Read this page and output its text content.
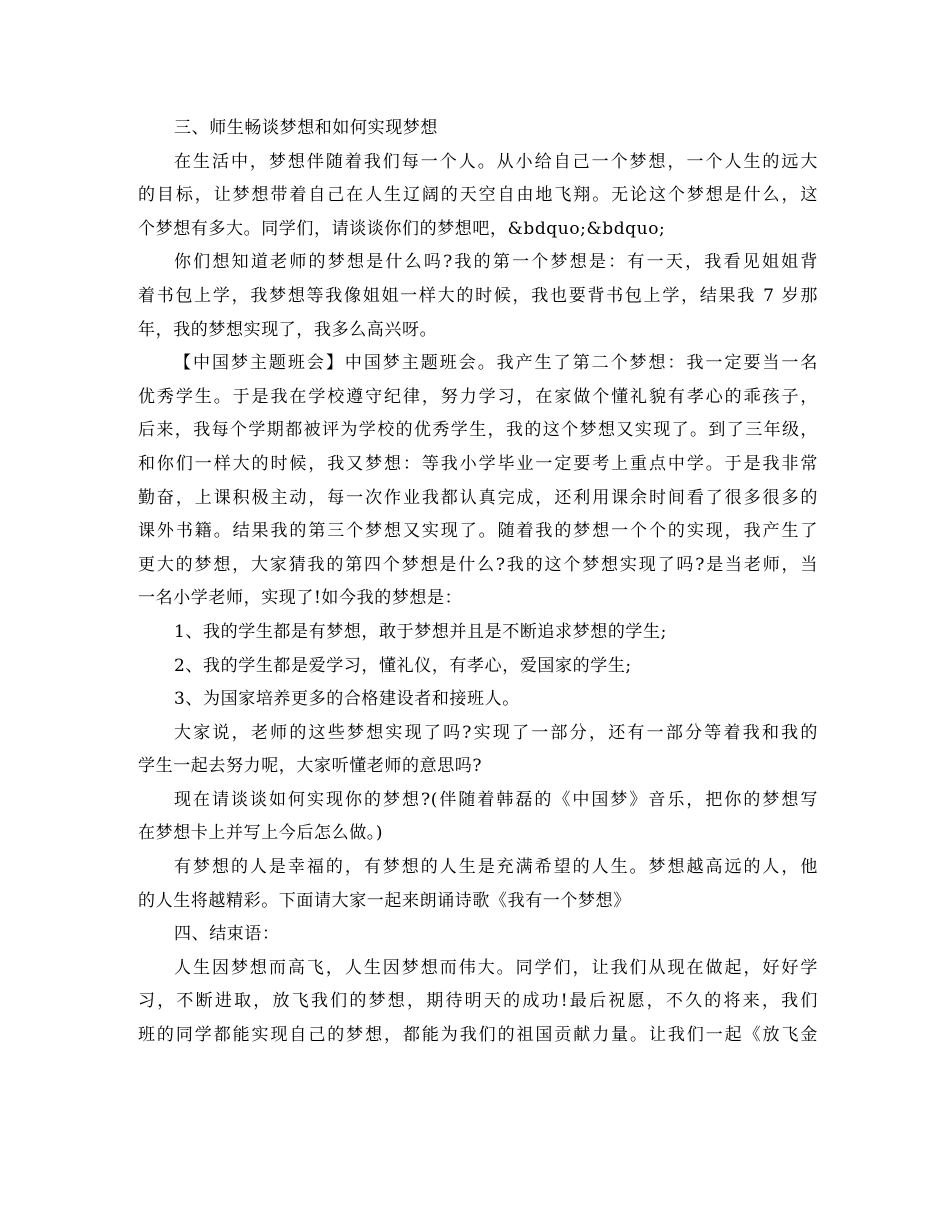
三、师生畅谈梦想和如何实现梦想
在生活中，梦想伴随着我们每一个人。从小给自己一个梦想，一个人生的远大
的目标，让梦想带着自己在人生辽阔的天空自由地飞翔。无论这个梦想是什么，这
个梦想有多大。同学们，请谈谈你们的梦想吧，&bdquo;&bdquo;
你们想知道老师的梦想是什么吗?我的第一个梦想是：有一天，我看见姐姐背
着书包上学，我梦想等我像姐姐一样大的时候，我也要背书包上学，结果我 7 岁那
年，我的梦想实现了，我多么高兴呀。
【中国梦主题班会】中国梦主题班会。我产生了第二个梦想：我一定要当一名
优秀学生。于是我在学校遵守纪律，努力学习，在家做个懂礼貌有孝心的乖孩子，
后来，我每个学期都被评为学校的优秀学生，我的这个梦想又实现了。到了三年级，
和你们一样大的时候，我又梦想：等我小学毕业一定要考上重点中学。于是我非常
勤奋，上课积极主动，每一次作业我都认真完成，还利用课余时间看了很多很多的
课外书籍。结果我的第三个梦想又实现了。随着我的梦想一个个的实现，我产生了
更大的梦想，大家猜我的第四个梦想是什么?我的这个梦想实现了吗?是当老师，当
一名小学老师，实现了!如今我的梦想是：
1、我的学生都是有梦想，敢于梦想并且是不断追求梦想的学生;
2、我的学生都是爱学习，懂礼仪，有孝心，爱国家的学生;
3、为国家培养更多的合格建设者和接班人。
大家说，老师的这些梦想实现了吗?实现了一部分，还有一部分等着我和我的
学生一起去努力呢，大家听懂老师的意思吗?
现在请谈谈如何实现你的梦想?(伴随着韩磊的《中国梦》音乐，把你的梦想写
在梦想卡上并写上今后怎么做。)
有梦想的人是幸福的，有梦想的人生是充满希望的人生。梦想越高远的人，他
的人生将越精彩。下面请大家一起来朗诵诗歌《我有一个梦想》
四、结束语：
人生因梦想而高飞，人生因梦想而伟大。同学们，让我们从现在做起，好好学
习，不断进取，放飞我们的梦想，期待明天的成功!最后祝愿，不久的将来，我们
班的同学都能实现自己的梦想，都能为我们的祖国贡献力量。让我们一起《放飞金
